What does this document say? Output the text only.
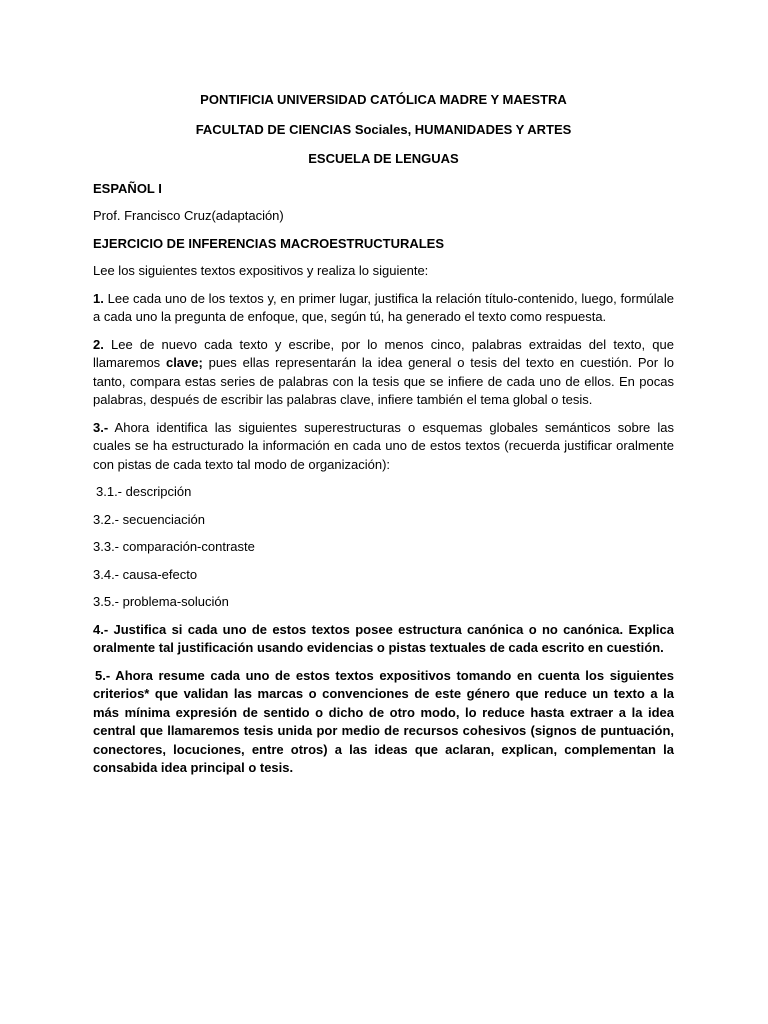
PONTIFICIA UNIVERSIDAD CATÓLICA MADRE Y MAESTRA

FACULTAD DE CIENCIAS Sociales, HUMANIDADES Y ARTES

ESCUELA DE LENGUAS

ESPAÑOL I

Prof. Francisco Cruz(adaptación)

EJERCICIO DE INFERENCIAS MACROESTRUCTURALES

Lee los siguientes textos expositivos y realiza lo siguiente:

1. Lee cada uno de los textos y, en primer lugar, justifica la relación título-contenido, luego, formúlale a cada uno la pregunta de enfoque, que, según tú, ha generado el texto como respuesta.

2. Lee de nuevo cada texto y escribe, por lo menos cinco, palabras extraidas del texto, que llamaremos clave; pues ellas representarán la idea general o tesis del texto en cuestión. Por lo tanto, compara estas series de palabras con la tesis que se infiere de cada uno de ellos. En pocas palabras, después de escribir las palabras clave, infiere también el tema global o tesis.

3.- Ahora identifica las siguientes superestructuras o esquemas globales semánticos sobre las cuales se ha estructurado la información en cada uno de estos textos (recuerda justificar oralmente con pistas de cada texto tal modo de organización):

3.1.- descripción

3.2.- secuenciación

3.3.- comparación-contraste

3.4.- causa-efecto

3.5.- problema-solución

4.- Justifica si cada uno de estos textos posee estructura canónica o no canónica. Explica oralmente tal justificación usando evidencias o pistas textuales de cada escrito en cuestión.

5.- Ahora resume cada uno de estos textos expositivos tomando en cuenta los siguientes criterios* que validan las marcas o convenciones de este género que reduce un texto a la más mínima expresión de sentido o dicho de otro modo, lo reduce hasta extraer a la idea central que llamaremos tesis unida por medio de recursos cohesivos (signos de puntuación, conectores, locuciones, entre otros) a las ideas que aclaran, explican, complementan la consabida idea principal o tesis.
